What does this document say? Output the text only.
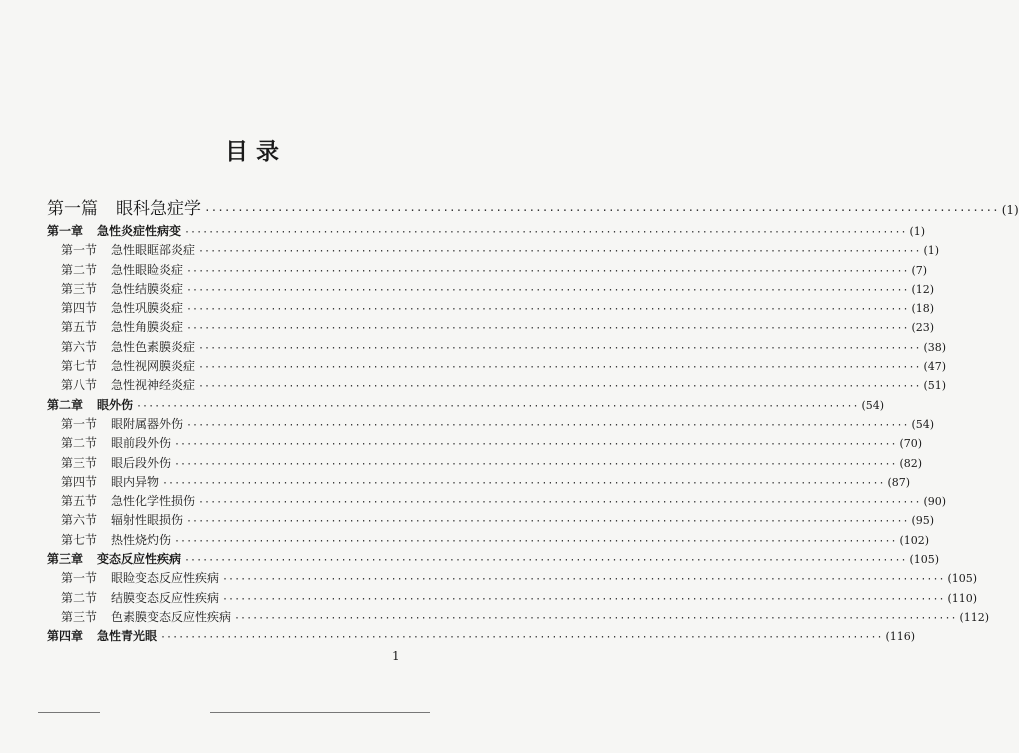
目 录
第一篇 眼科急症学 ························································································································ (1)
第一章 急性炎症性病变 ························································································································ (1)
第一节 急性眼眶部炎症 ························································································································ (1)
第二节 急性眼睑炎症 ························································································································ (7)
第三节 急性结膜炎症 ························································································································ (12)
第四节 急性巩膜炎症 ························································································································ (18)
第五节 急性角膜炎症 ························································································································ (23)
第六节 急性色素膜炎症 ························································································································ (38)
第七节 急性视网膜炎症 ························································································································ (47)
第八节 急性视神经炎症 ························································································································ (51)
第二章 眼外伤 ························································································································ (54)
第一节 眼附属器外伤 ························································································································ (54)
第二节 眼前段外伤 ························································································································ (70)
第三节 眼后段外伤 ························································································································ (82)
第四节 眼内异物 ························································································································ (87)
第五节 急性化学性损伤 ························································································································ (90)
第六节 辐射性眼损伤 ························································································································ (95)
第七节 热性烧灼伤 ························································································································ (102)
第三章 变态反应性疾病 ························································································································ (105)
第一节 眼睑变态反应性疾病 ························································································································ (105)
第二节 结膜变态反应性疾病 ························································································································ (110)
第三节 色素膜变态反应性疾病 ························································································································ (112)
第四章 急性青光眼 ························································································································ (116)
1
